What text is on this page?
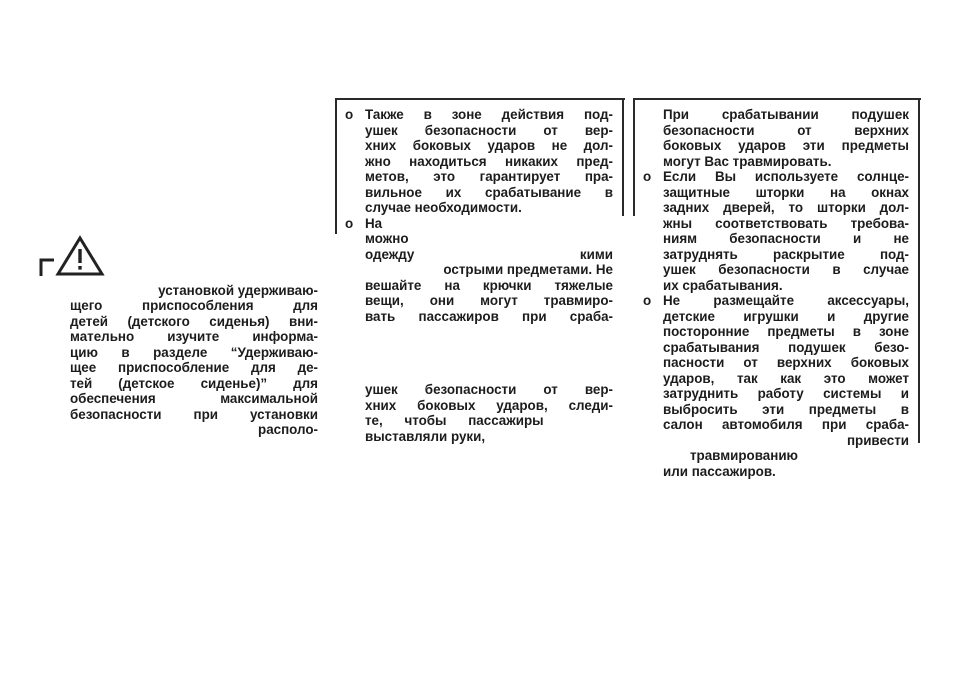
установкой удерживаю-
щего приспособления для
детей (детского сиденья) вни-
мательно изучите информа-
цию в разделе “Удерживаю-
щее приспособление для де-
тей (детское сиденье)” для
обеспечения максимальной
безопасности при установки
располо-
o Также в зоне действия под-
ушек безопасности от вер-
хних боковых ударов не дол-
жно находиться никаких пред-
метов, это гарантирует пра-
вильное их срабатывание в
случае необходимости.
o На
можно
одежду	кими
острыми предметами. Не
вешайте на крючки тяжелые
вещи, они могут травмиро-
вать пассажиров при сраба-
ушек безопасности от вер-
хних боковых ударов, следи-
те, чтобы пассажиры
выставляли руки,
При срабатывании подушек
безопасности от верхних
боковых ударов эти предметы
могут Вас травмировать.
o Если Вы используете солнце-
защитные шторки на окнах
задних дверей, то шторки дол-
жны соответствовать требова-
ниям безопасности и не
затруднять раскрытие под-
ушек безопасности в случае
их срабатывания.
o Не размещайте аксессуары,
детские игрушки и другие
посторонние предметы в зоне
срабатывания подушек безо-
пасности от верхних боковых
ударов, так как это может
затруднить работу системы и
выбросить эти предметы в
салон автомобиля при сраба-
привести
травмированию
или пассажиров.
